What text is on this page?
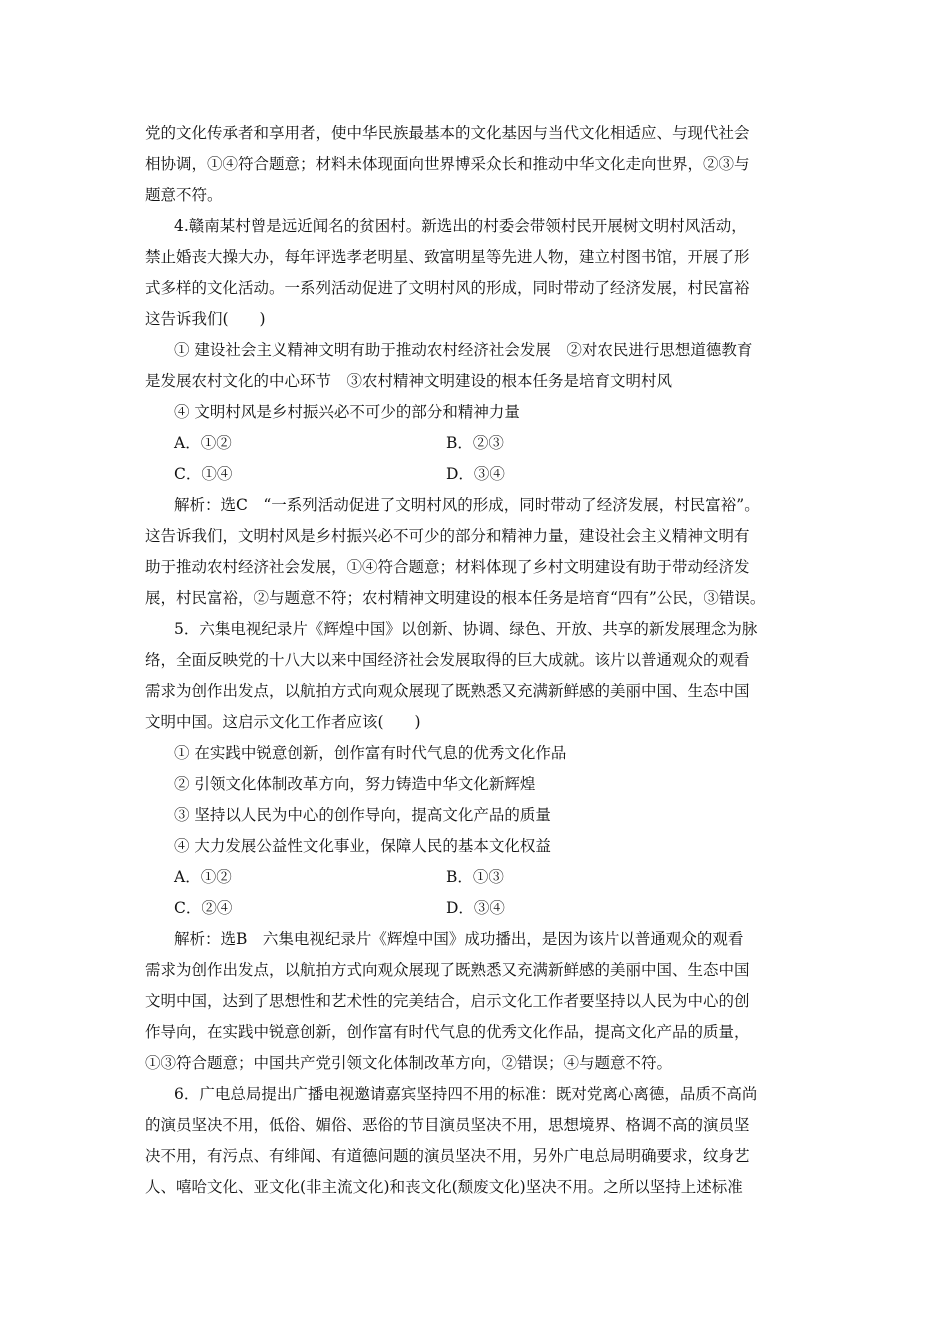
党的文化传承者和享用者，使中华民族最基本的文化基因与当代文化相适应、与现代社会
相协调，①④符合题意；材料未体现面向世界博采众长和推动中华文化走向世界，②③与
题意不符。
4.赣南某村曾是远近闻名的贫困村。新选出的村委会带领村民开展树文明村风活动，
禁止婚丧大操大办，每年评选孝老明星、致富明星等先进人物，建立村图书馆，开展了形
式多样的文化活动。一系列活动促进了文明村风的形成，同时带动了经济发展，村民富裕
这告诉我们(　　)
① 建设社会主义精神文明有助于推动农村经济社会发展　②对农民进行思想道德教育
是发展农村文化的中心环节　③农村精神文明建设的根本任务是培育文明村风
④ 文明村风是乡村振兴必不可少的部分和精神力量
A．①②	B．②③
C．①④	D．③④
解析：选C　“一系列活动促进了文明村风的形成，同时带动了经济发展，村民富裕”。
这告诉我们，文明村风是乡村振兴必不可少的部分和精神力量，建设社会主义精神文明有
助于推动农村经济社会发展，①④符合题意；材料体现了乡村文明建设有助于带动经济发
展，村民富裕，②与题意不符；农村精神文明建设的根本任务是培育“四有”公民，③错误。
5．六集电视纪录片《辉煌中国》以创新、协调、绿色、开放、共享的新发展理念为脉
络，全面反映党的十八大以来中国经济社会发展取得的巨大成就。该片以普通观众的观看
需求为创作出发点，以航拍方式向观众展现了既熟悉又充满新鲜感的美丽中国、生态中国
文明中国。这启示文化工作者应该(　　)
① 在实践中锐意创新，创作富有时代气息的优秀文化作品
② 引领文化体制改革方向，努力铸造中华文化新辉煌
③ 坚持以人民为中心的创作导向，提高文化产品的质量
④ 大力发展公益性文化事业，保障人民的基本文化权益
A．①②	B．①③
C．②④	D．③④
解析：选B　六集电视纪录片《辉煌中国》成功播出，是因为该片以普通观众的观看
需求为创作出发点，以航拍方式向观众展现了既熟悉又充满新鲜感的美丽中国、生态中国
文明中国，达到了思想性和艺术性的完美结合，启示文化工作者要坚持以人民为中心的创
作导向，在实践中锐意创新，创作富有时代气息的优秀文化作品，提高文化产品的质量，
①③符合题意；中国共产党引领文化体制改革方向，②错误；④与题意不符。
6．广电总局提出广播电视邀请嘉宾坚持四不用的标准：既对党离心离德，品质不高尚
的演员坚决不用，低俗、媚俗、恶俗的节目演员坚决不用，思想境界、格调不高的演员坚
决不用，有污点、有绯闻、有道德问题的演员坚决不用，另外广电总局明确要求，纹身艺
人、嘻哈文化、亚文化(非主流文化)和丧文化(颓废文化)坚决不用。之所以坚持上述标准
